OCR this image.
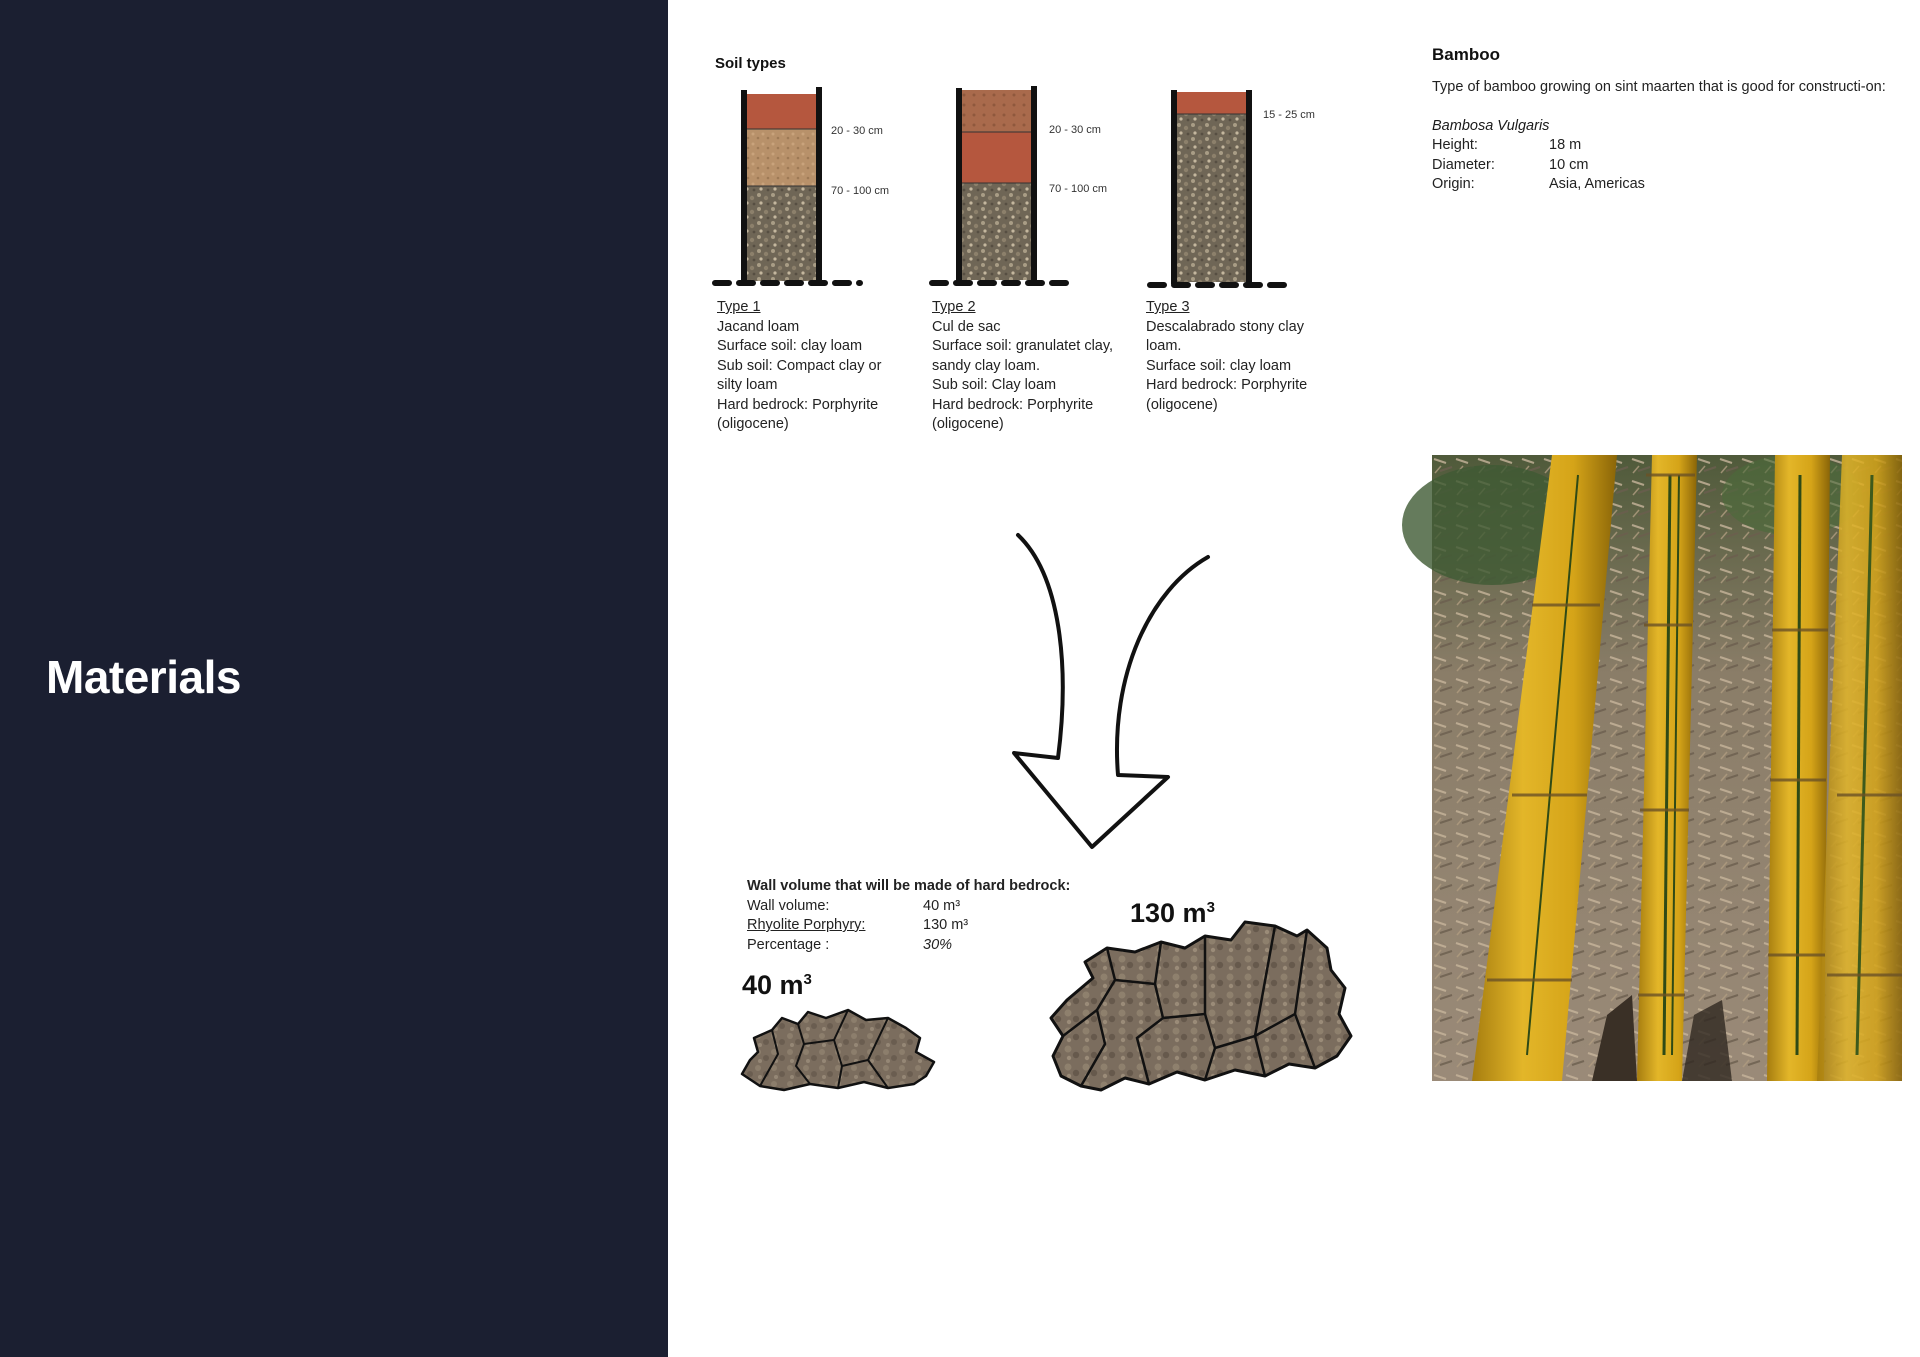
Materials
Soil types
20 - 30 cm
70 - 100 cm
20 - 30 cm
70 - 100 cm
15 - 25 cm
Type 1
Jacand loam
Surface soil: clay loam
Sub soil: Compact clay or silty loam
Hard bedrock: Porphyrite (oligocene)
Type 2
Cul de sac
Surface soil: granulatet clay, sandy clay loam.
Sub soil: Clay loam
Hard bedrock: Porphyrite (oligocene)
Type 3
Descalabrado stony clay loam.
Surface soil: clay loam
Hard bedrock: Porphyrite (oligocene)
Bamboo
Type of bamboo growing on sint maarten that is good for constructi-on:
Bambosa Vulgaris
Height:	18 m
Diameter:	10 cm
Origin:	Asia, Americas
Wall volume that will be made of hard bedrock:
Wall volume:	40 m³
Rhyolite Porphyry:	130 m³
Percentage :	30%
40 $m^3$
130 $m^3$
